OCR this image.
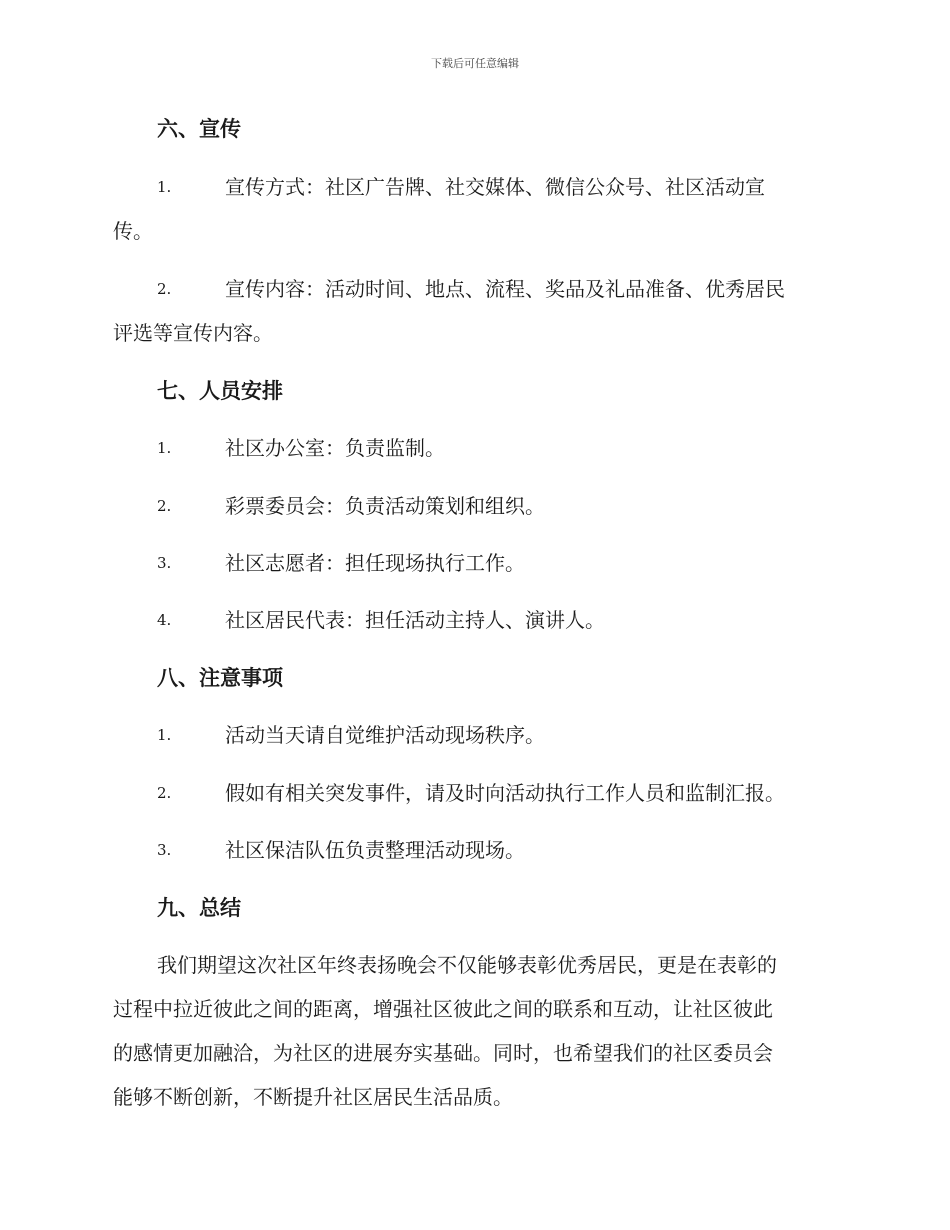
下载后可任意编辑
六、宣传
1.	宣传方式：社区广告牌、社交媒体、微信公众号、社区活动宣
传。
2.	宣传内容：活动时间、地点、流程、奖品及礼品准备、优秀居民
评选等宣传内容。
七、人员安排
1.	社区办公室：负责监制。
2.	彩票委员会：负责活动策划和组织。
3.	社区志愿者：担任现场执行工作。
4.	社区居民代表：担任活动主持人、演讲人。
八、注意事项
1.	活动当天请自觉维护活动现场秩序。
2.	假如有相关突发事件，请及时向活动执行工作人员和监制汇报。
3.	社区保洁队伍负责整理活动现场。
九、总结
我们期望这次社区年终表扬晚会不仅能够表彰优秀居民，更是在表彰的
过程中拉近彼此之间的距离，增强社区彼此之间的联系和互动，让社区彼此
的感情更加融洽，为社区的进展夯实基础。同时，也希望我们的社区委员会
能够不断创新，不断提升社区居民生活品质。
